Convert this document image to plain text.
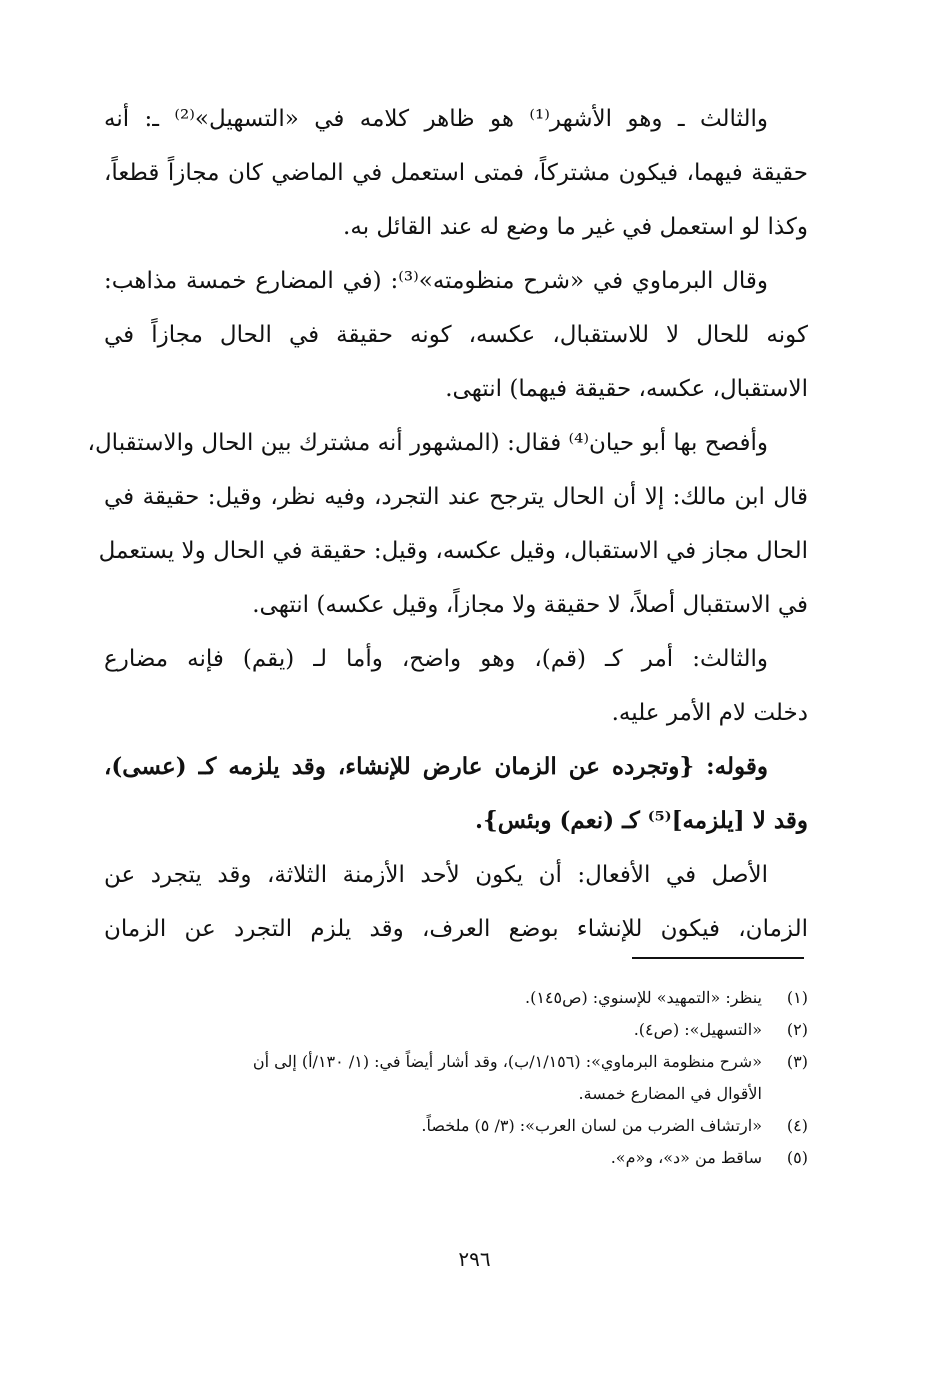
والثالث ـ وهو الأشهر⁽¹⁾ هو ظاهر كلامه في «التسهيل»⁽²⁾ ـ: أنه
حقيقة فيهما، فيكون مشتركاً، فمتى استعمل في الماضي كان مجازاً قطعاً،
وكذا لو استعمل في غير ما وضع له عند القائل به.
وقال البرماوي في «شرح منظومته»⁽³⁾: (في المضارع خمسة مذاهب:
كونه للحال لا للاستقبال، عكسه، كونه حقيقة في الحال مجازاً في
الاستقبال، عكسه، حقيقة فيهما) انتهى.
وأفصح بها أبو حيان⁽⁴⁾ فقال: (المشهور أنه مشترك بين الحال والاستقبال،
قال ابن مالك: إلا أن الحال يترجح عند التجرد، وفيه نظر، وقيل: حقيقة في
الحال مجاز في الاستقبال، وقيل عكسه، وقيل: حقيقة في الحال ولا يستعمل
في الاستقبال أصلاً، لا حقيقة ولا مجازاً، وقيل عكسه) انتهى.
والثالث: أمر كـ (قم)، وهو واضح، وأما لـ (يقم) فإنه مضارع
دخلت لام الأمر عليه.
وقوله: {وتجرده عن الزمان عارض للإنشاء، وقد يلزمه كـ (عسى)،
وقد لا [يلزمه]⁽⁵⁾ كـ (نعم) وبئس}.
الأصل في الأفعال: أن يكون لأحد الأزمنة الثلاثة، وقد يتجرد عن
الزمان، فيكون للإنشاء بوضع العرف، وقد يلزم التجرد عن الزمان
(١)
ينظر: «التمهيد» للإسنوي: (ص١٤٥).
(٢)
«التسهيل»: (ص٤).
(٣)
«شرح منظومة البرماوي»: (١/١٥٦/ب)، وقد أشار أيضاً في: (١/ ١٣٠/أ) إلى أن
الأقوال في المضارع خمسة.
(٤)
«ارتشاف الضرب من لسان العرب»: (٣/ ٥) ملخصاً.
(٥)
ساقط من «د»، و«م».
٢٩٦
